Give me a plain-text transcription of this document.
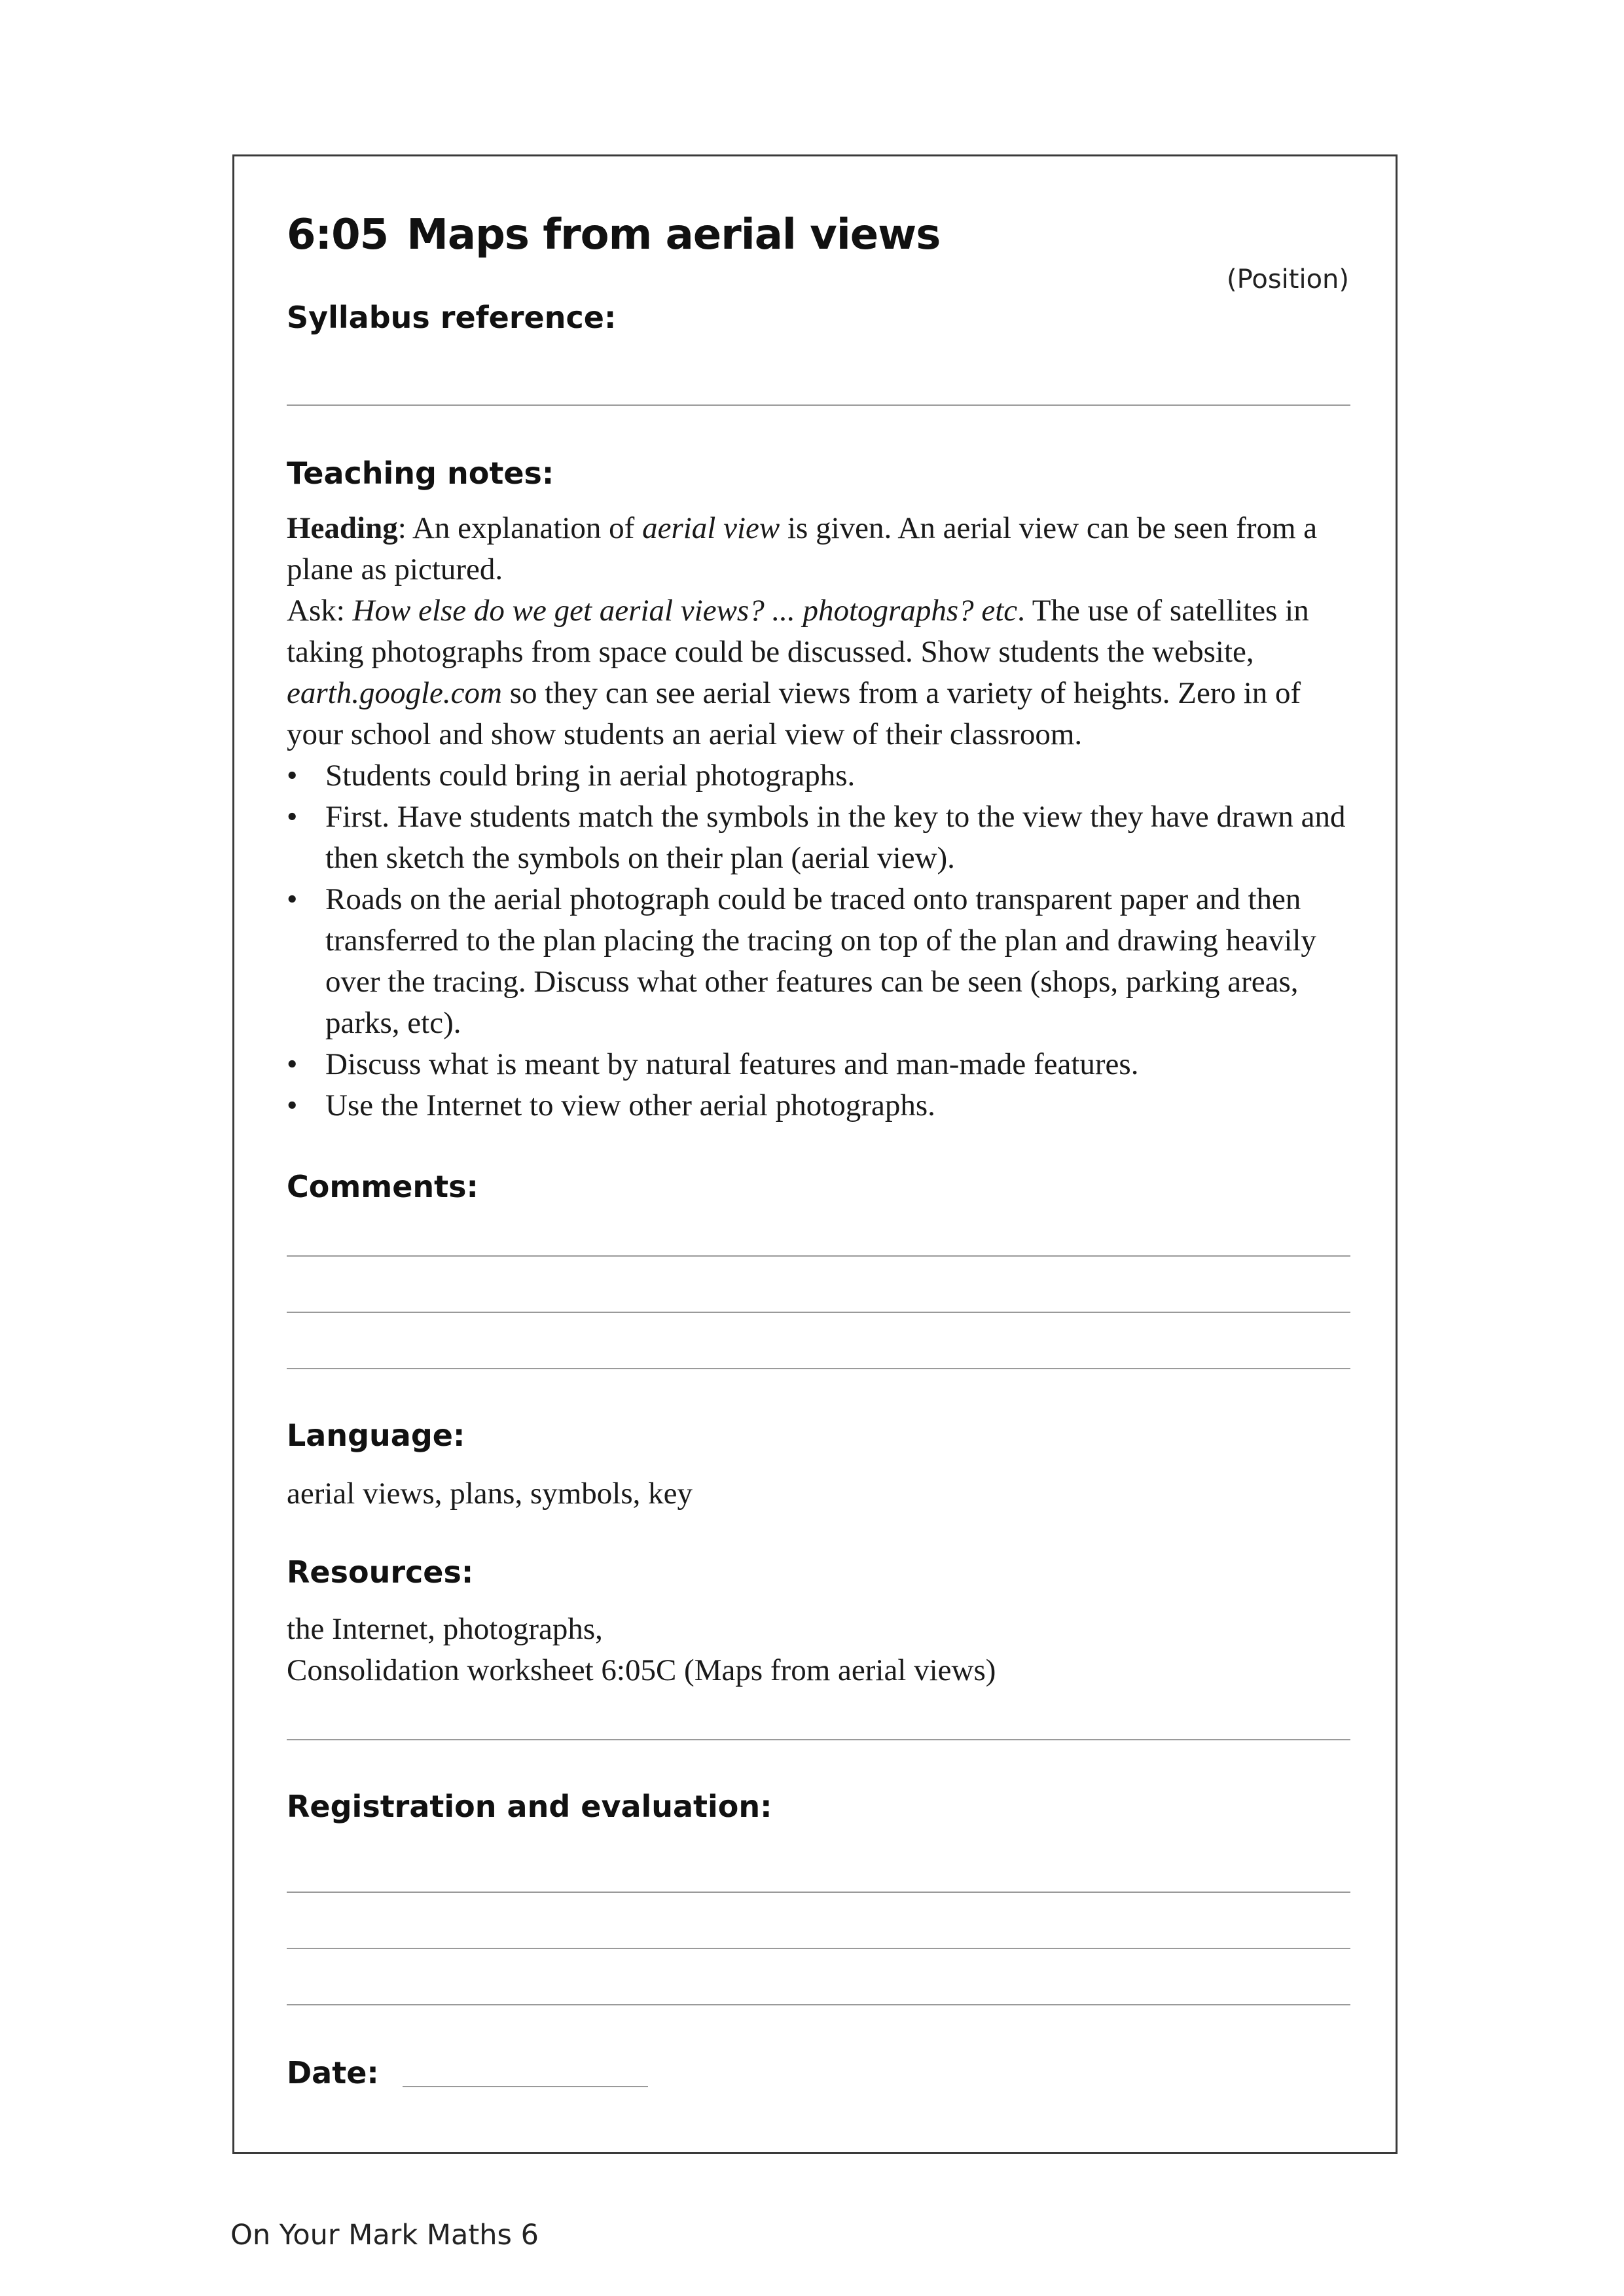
6:05 Maps from aerial views
(Position)
Syllabus reference:
Teaching notes:

Heading: An explanation of aerial view is given. An aerial view can be seen from a plane as pictured.

Ask: How else do we get aerial views? ... photographs? etc. The use of satellites in taking photographs from space could be discussed. Show students the website, earth.google.com so they can see aerial views from a variety of heights. Zero in of your school and show students an aerial view of their classroom.

• Students could bring in aerial photographs.
• First. Have students match the symbols in the key to the view they have drawn and then sketch the symbols on their plan (aerial view).
• Roads on the aerial photograph could be traced onto transparent paper and then transferred to the plan placing the tracing on top of the plan and drawing heavily over the tracing. Discuss what other features can be seen (shops, parking areas, parks, etc).
• Discuss what is meant by natural features and man-made features.
• Use the Internet to view other aerial photographs.
Comments:
Language:
aerial views, plans, symbols, key
Resources:

the Internet, photographs,

Consolidation worksheet 6:05C (Maps from aerial views)

Registration and evaluation:
Date:
On Your Mark Maths 6
